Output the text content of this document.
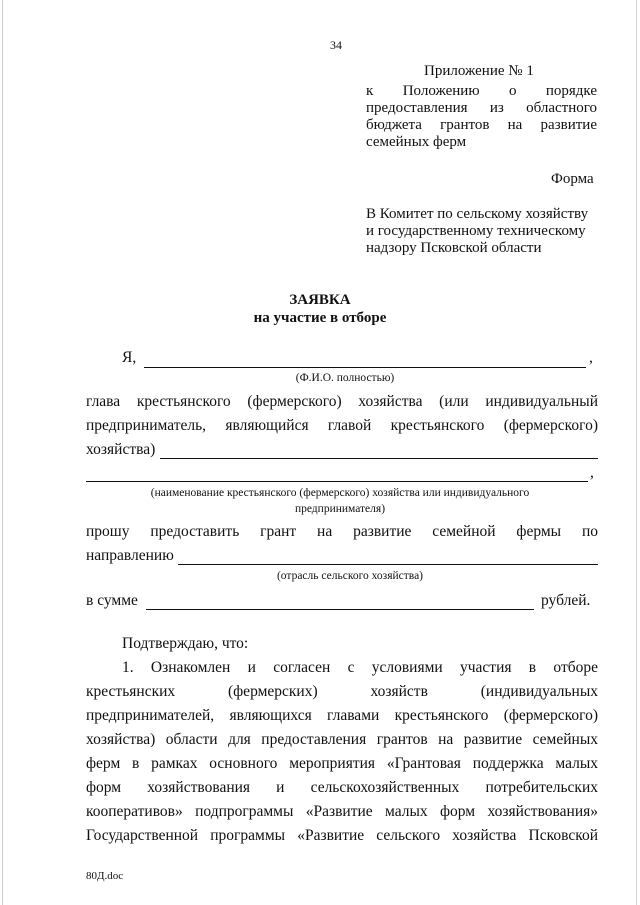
34
Приложение № 1
к Положению о порядке
предоставления из областного
бюджета грантов на развитие
семейных ферм
Форма
В Комитет по сельскому хозяйству
и государственному техническому
надзору Псковской области
ЗАЯВКА
на участие в отборе
Я,	,
(Ф.И.О. полностью)
глава крестьянского (фермерского) хозяйства (или индивидуальный
предприниматель, являющийся главой крестьянского (фермерского)
хозяйства)
,
(наименование крестьянского (фермерского) хозяйства или индивидуального
предпринимателя)
прошу предоставить грант на развитие семейной фермы по
направлению
(отрасль сельского хозяйства)
в сумме	рублей.
Подтверждаю, что:
1. Ознакомлен и согласен с условиями участия в отборе
крестьянских (фермерских) хозяйств (индивидуальных
предпринимателей, являющихся главами крестьянского (фермерского)
хозяйства) области для предоставления грантов на развитие семейных
ферм в рамках основного мероприятия «Грантовая поддержка малых
форм хозяйствования и сельскохозяйственных потребительских
кооперативов» подпрограммы «Развитие малых форм хозяйствования»
Государственной программы «Развитие сельского хозяйства Псковской
80Д.doc
